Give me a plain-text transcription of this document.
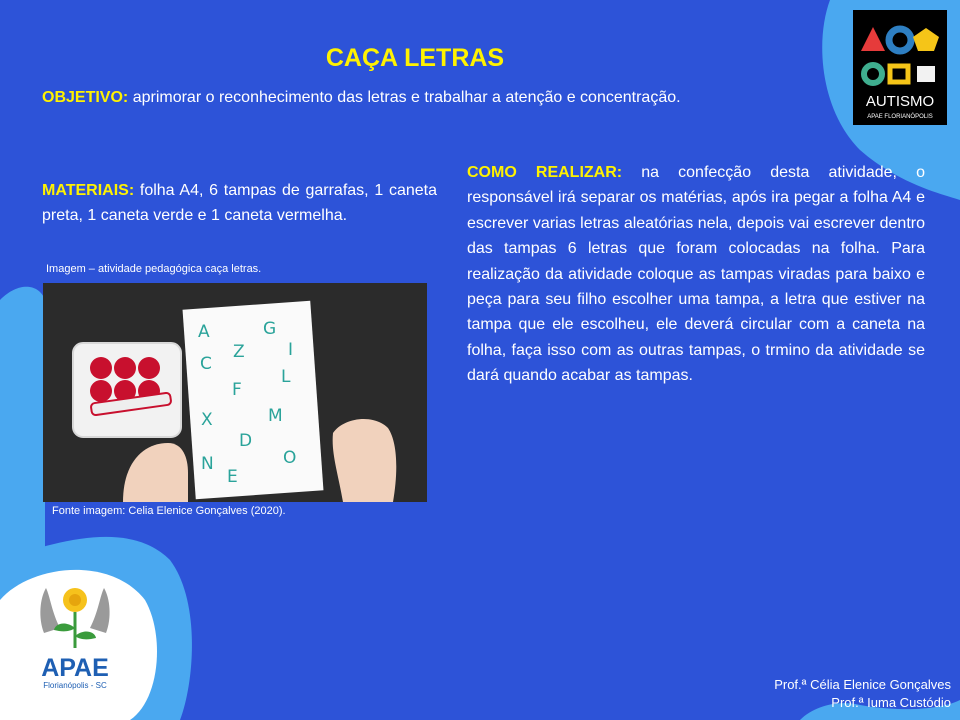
CAÇA LETRAS
OBJETIVO: aprimorar o reconhecimento das letras e trabalhar a atenção e concentração.
MATERIAIS: folha A4, 6 tampas de garrafas, 1 caneta preta, 1 caneta verde e 1 caneta vermelha.
Imagem – atividade pedagógica caça letras.
A	G
C
Z	I
F
L
X	M
D
N
E
O
Fonte imagem: Celia Elenice Gonçalves (2020).
COMO REALIZAR: na confecção desta atividade, o responsável irá separar os matérias, após ira pegar a folha A4 e escrever varias letras aleatórias nela, depois vai escrever dentro das tampas 6 letras que foram colocadas na folha. Para realização da atividade coloque as tampas viradas para baixo e peça para seu filho escolher uma tampa, a letra que estiver na tampa que ele escolheu, ele deverá circular com a caneta na folha, faça isso com as outras tampas, o trmino da atividade se dará quando acabar as tampas.
AUTISMO
APAE FLORIANÓPOLIS
APAE
Florianópolis - SC	Prof.ª Célia Elenice Gonçalves
Prof.ª Iuma Custódio
